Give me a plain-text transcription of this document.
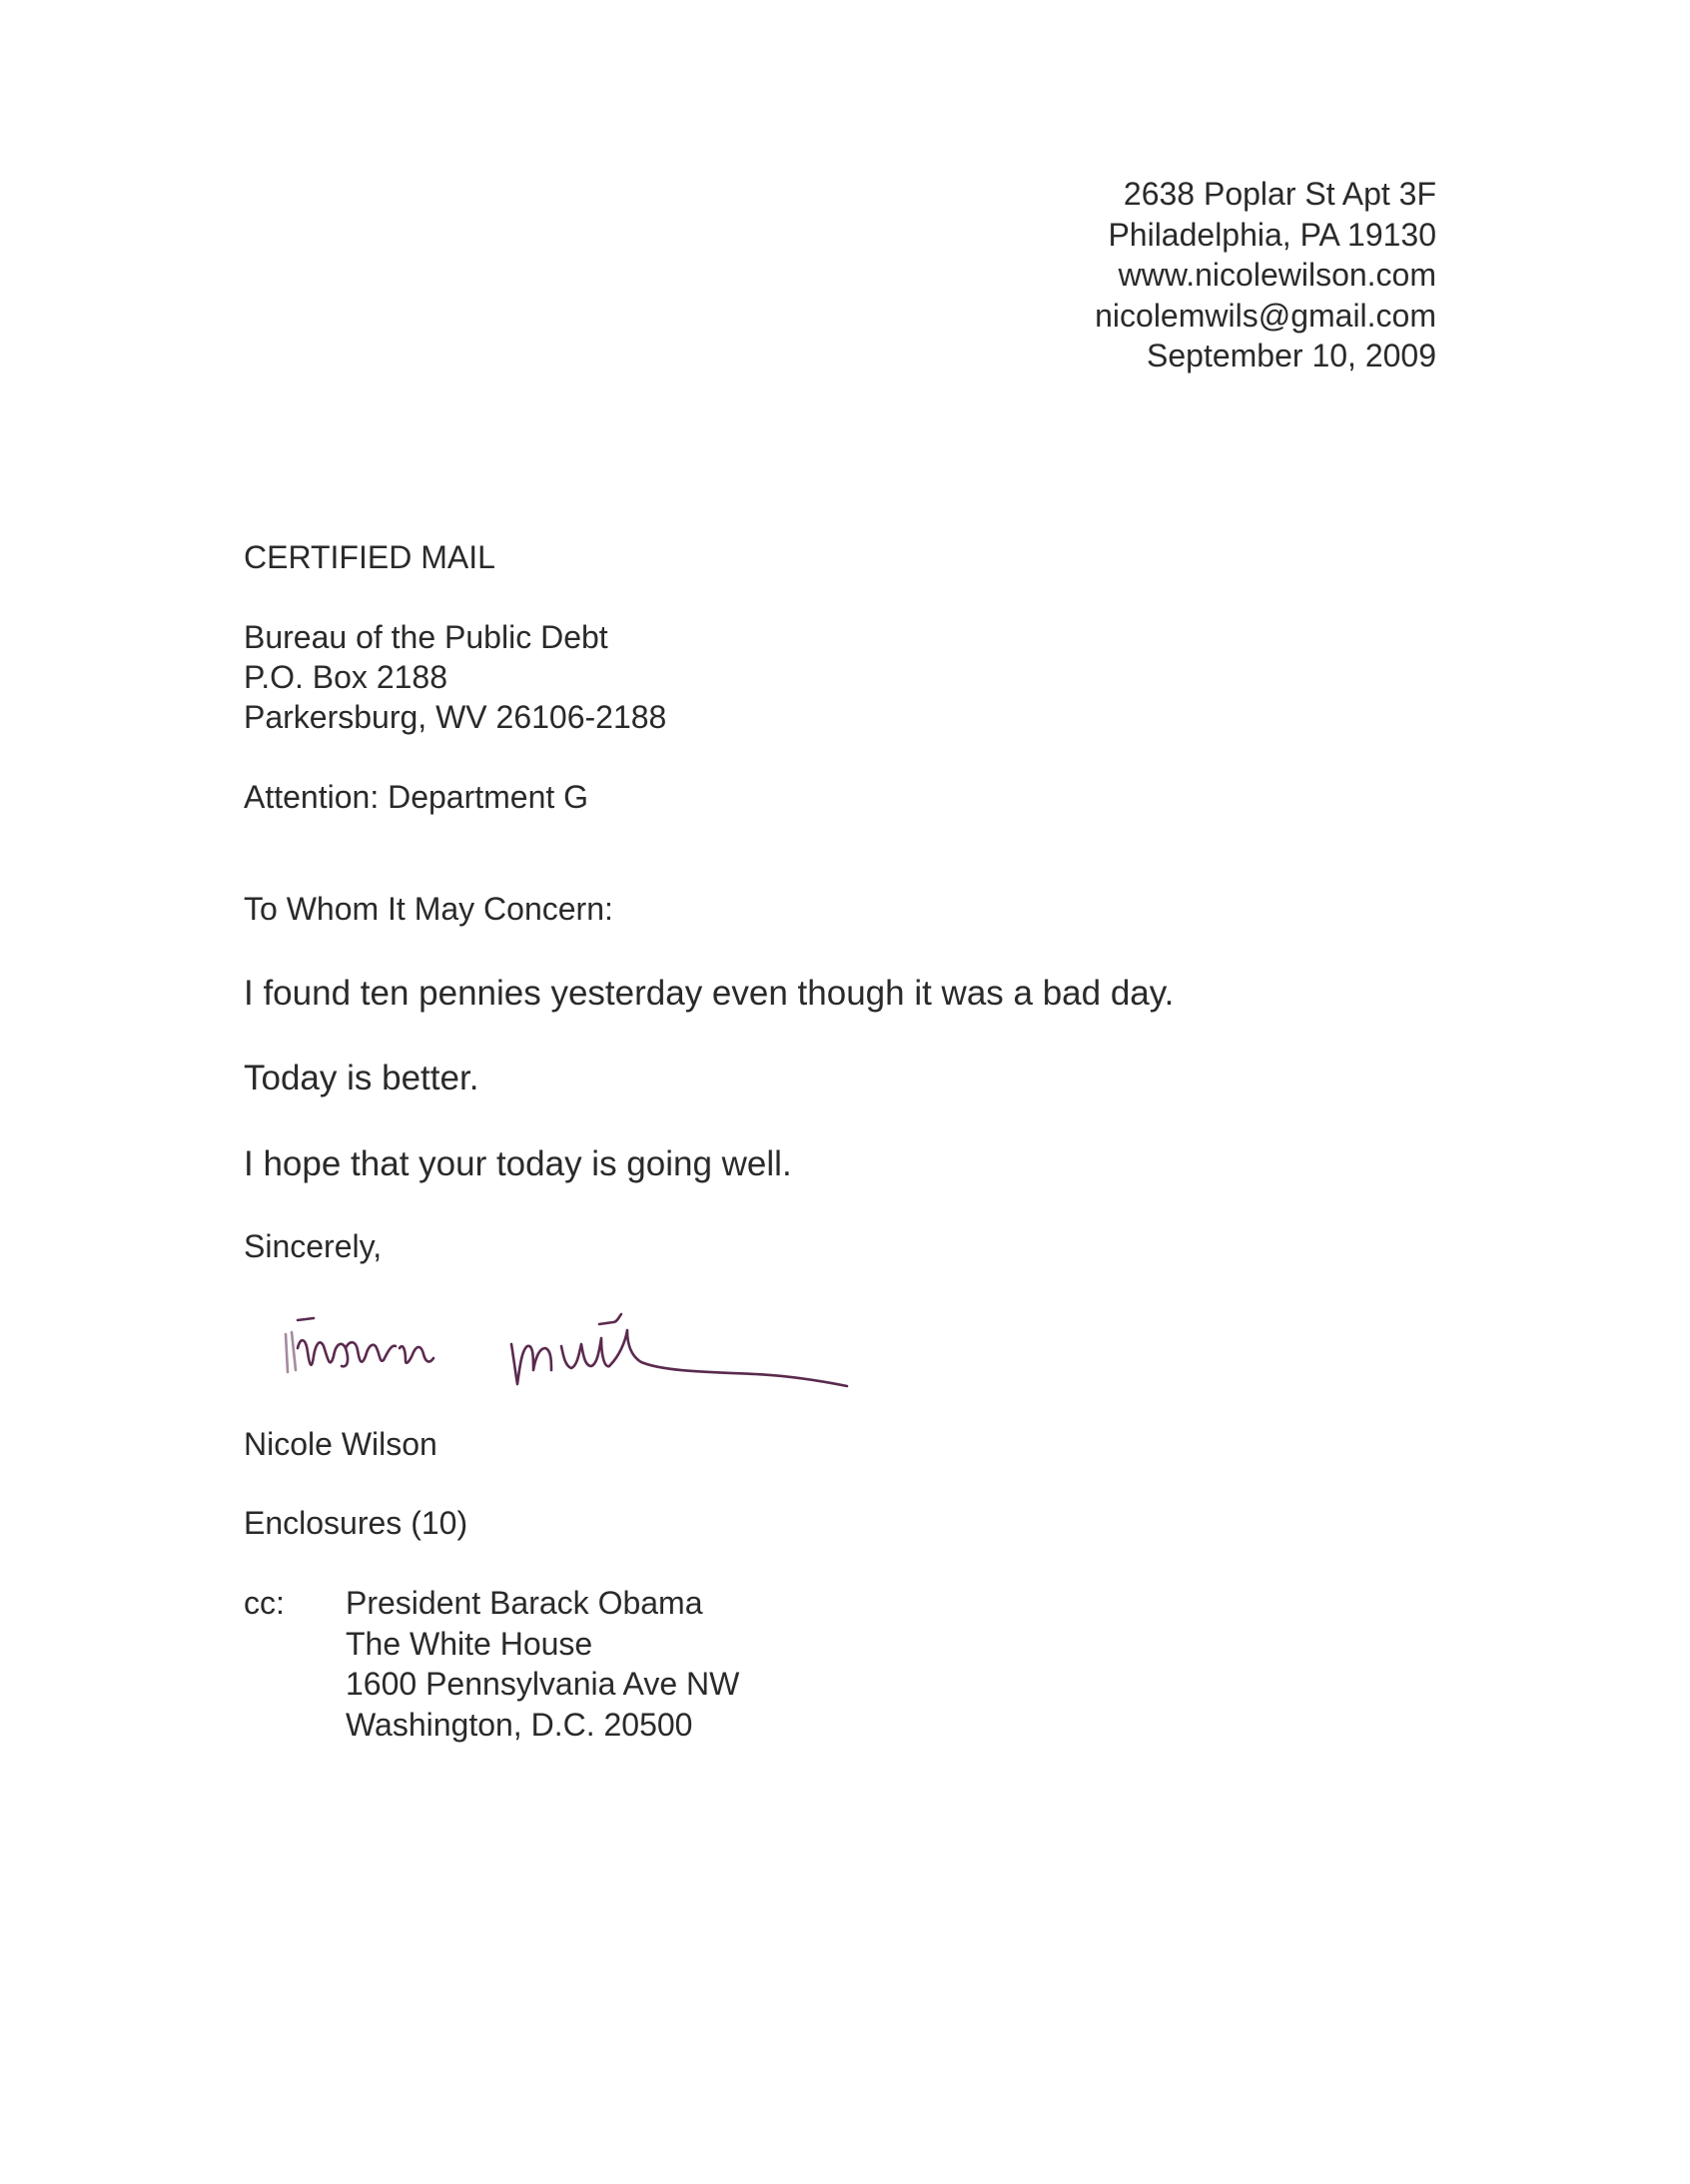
2638 Poplar St Apt 3F
Philadelphia, PA 19130
www.nicolewilson.com
nicolemwils@gmail.com
September 10, 2009
CERTIFIED MAIL
Bureau of the Public Debt
P.O. Box 2188
Parkersburg, WV 26106-2188
Attention: Department G
To Whom It May Concern:
I found ten pennies yesterday even though it was a bad day.
Today is better.
I hope that your today is going well.
Sincerely,
Nicole Wilson
Enclosures (10)
cc: President Barack Obama
The White House
1600 Pennsylvania Ave NW
Washington, D.C. 20500
